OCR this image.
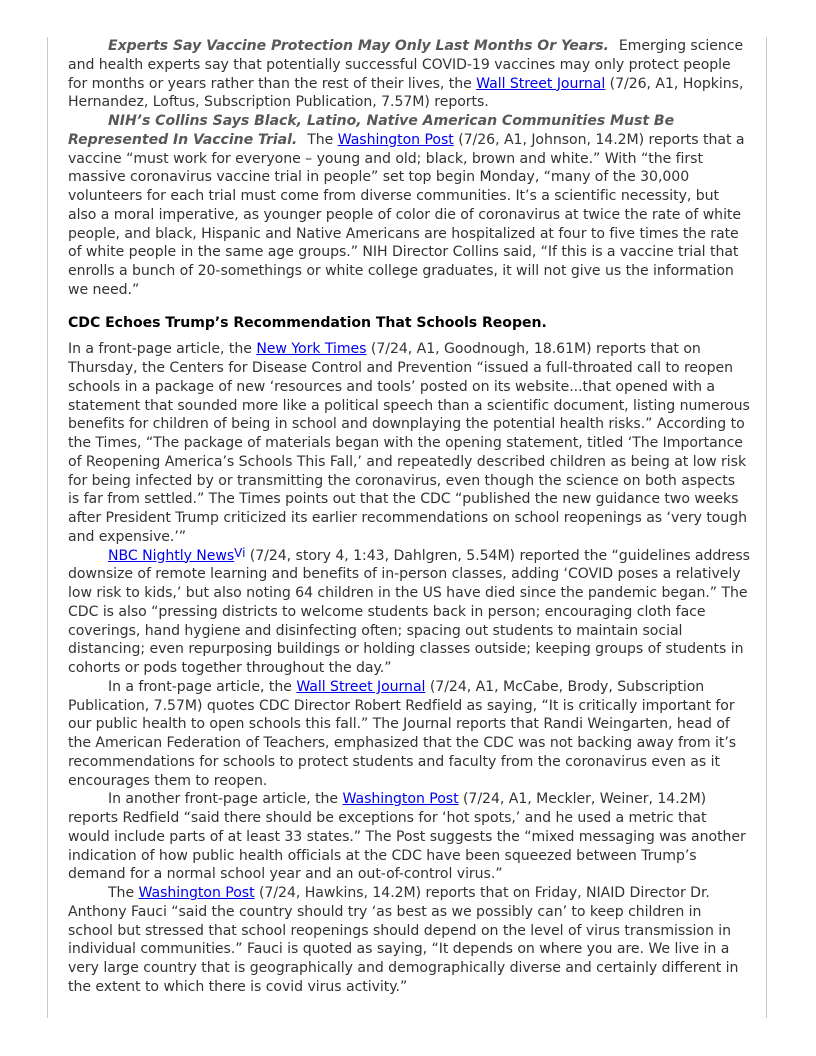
Experts Say Vaccine Protection May Only Last Months Or Years. Emerging science and health experts say that potentially successful COVID-19 vaccines may only protect people for months or years rather than the rest of their lives, the Wall Street Journal (7/26, A1, Hopkins, Hernandez, Loftus, Subscription Publication, 7.57M) reports.

NIH’s Collins Says Black, Latino, Native American Communities Must Be Represented In Vaccine Trial. The Washington Post (7/26, A1, Johnson, 14.2M) reports that a vaccine “must work for everyone – young and old; black, brown and white.” With “the first massive coronavirus vaccine trial in people” set top begin Monday, “many of the 30,000 volunteers for each trial must come from diverse communities. It’s a scientific necessity, but also a moral imperative, as younger people of color die of coronavirus at twice the rate of white people, and black, Hispanic and Native Americans are hospitalized at four to five times the rate of white people in the same age groups.” NIH Director Collins said, “If this is a vaccine trial that enrolls a bunch of 20-somethings or white college graduates, it will not give us the information we need.”

CDC Echoes Trump’s Recommendation That Schools Reopen.

In a front-page article, the New York Times (7/24, A1, Goodnough, 18.61M) reports that on Thursday, the Centers for Disease Control and Prevention “issued a full-throated call to reopen schools in a package of new ‘resources and tools’ posted on its website...that opened with a statement that sounded more like a political speech than a scientific document, listing numerous benefits for children of being in school and downplaying the potential health risks.” According to the Times, “The package of materials began with the opening statement, titled ‘The Importance of Reopening America’s Schools This Fall,’ and repeatedly described children as being at low risk for being infected by or transmitting the coronavirus, even though the science on both aspects is far from settled.” The Times points out that the CDC “published the new guidance two weeks after President Trump criticized its earlier recommendations on school reopenings as ‘very tough and expensive.’”

NBC Nightly NewsVi (7/24, story 4, 1:43, Dahlgren, 5.54M) reported the “guidelines address downsize of remote learning and benefits of in-person classes, adding ‘COVID poses a relatively low risk to kids,’ but also noting 64 children in the US have died since the pandemic began.” The CDC is also “pressing districts to welcome students back in person; encouraging cloth face coverings, hand hygiene and disinfecting often; spacing out students to maintain social distancing; even repurposing buildings or holding classes outside; keeping groups of students in cohorts or pods together throughout the day.”

In a front-page article, the Wall Street Journal (7/24, A1, McCabe, Brody, Subscription Publication, 7.57M) quotes CDC Director Robert Redfield as saying, “It is critically important for our public health to open schools this fall.” The Journal reports that Randi Weingarten, head of the American Federation of Teachers, emphasized that the CDC was not backing away from it’s recommendations for schools to protect students and faculty from the coronavirus even as it encourages them to reopen.

In another front-page article, the Washington Post (7/24, A1, Meckler, Weiner, 14.2M) reports Redfield “said there should be exceptions for ‘hot spots,’ and he used a metric that would include parts of at least 33 states.” The Post suggests the “mixed messaging was another indication of how public health officials at the CDC have been squeezed between Trump’s demand for a normal school year and an out-of-control virus.”

The Washington Post (7/24, Hawkins, 14.2M) reports that on Friday, NIAID Director Dr. Anthony Fauci “said the country should try ‘as best as we possibly can’ to keep children in school but stressed that school reopenings should depend on the level of virus transmission in individual communities.” Fauci is quoted as saying, “It depends on where you are. We live in a very large country that is geographically and demographically diverse and certainly different in the extent to which there is covid virus activity.”
